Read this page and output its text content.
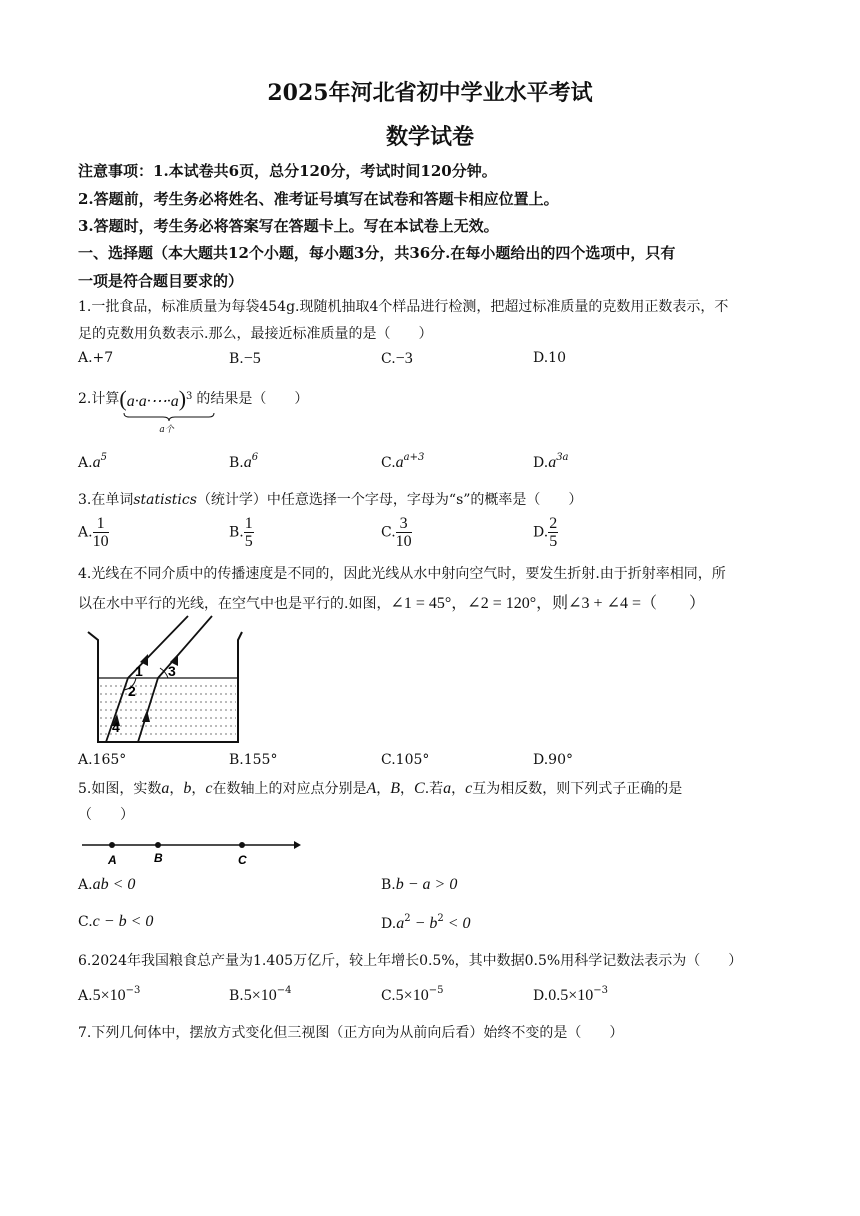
2025年河北省初中学业水平考试
数学试卷
注意事项：1.本试卷共6页，总分120分，考试时间120分钟。
2.答题前，考生务必将姓名、准考证号填写在试卷和答题卡相应位置上。
3.答题时，考生务必将答案写在答题卡上。写在本试卷上无效。
一、选择题（本大题共12个小题，每小题3分，共36分.在每小题给出的四个选项中，只有
一项是符合题目要求的）
1.一批食品，标准质量为每袋454g.现随机抽取4个样品进行检测，把超过标准质量的克数用正数表示，不
足的克数用负数表示.那么，最接近标准质量的是（　　）
A.+7	B.−5	C.−3	D.10
2.计算(a·a·⋯·a)$^3$
a个
的结果是（　　）
$A.a^5$	$B.a^6$	$C.a^{a+3}$	$D.a^{3a}$
3.在单词statistics（统计学）中任意选择一个字母，字母为“s”的概率是（　　）
A. $\frac{1}{10}$	B. $\frac{1}{5}$	C. $\frac{3}{10}$	D. $\frac{2}{5}$
4.光线在不同介质中的传播速度是不同的，因此光线从水中射向空气时，要发生折射.由于折射率相同，所
以在水中平行的光线，在空气中也是平行的.如图，∠1 = 45°，∠2 = 120°，则∠3 + ∠4 =（　　）
1
2
3
4
A.165°	B.155°	C.105°	D.90°
5.如图，实数a，b，c在数轴上的对应点分别是A，B，C.若a，c互为相反数，则下列式子正确的是
（　　）
A	B	C
A.ab < 0	B.b − a > 0
C.c − b < 0	$D.a^2 - b^2 < 0$
6.2024年我国粮食总产量为1.405万亿斤，较上年增长0.5%，其中数据0.5%用科学记数法表示为（　　）
$A.5\times 10^{-3}$	$B.5\times 10^{-4}$	$C.5\times 10^{-5}$	$D.0.5\times 10^{-3}$
7.下列几何体中，摆放方式变化但三视图（正方向为从前向后看）始终不变的是（　　）
